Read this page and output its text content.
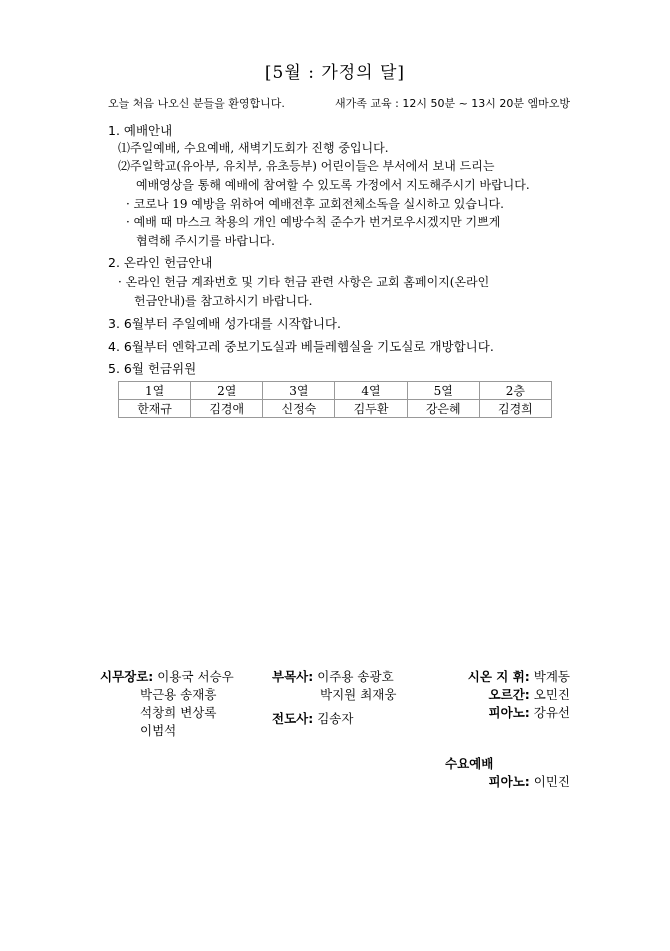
[5월 : 가정의 달]
오늘 처음 나오신 분들을 환영합니다.	새가족 교육 : 12시 50분 ~ 13시 20분 엠마오방
1. 예배안내
⑴주일예배, 수요예배, 새벽기도회가 진행 중입니다.
⑵주일학교(유아부, 유치부, 유초등부) 어린이들은 부서에서 보내 드리는
예배영상을 통해 예배에 참여할 수 있도록 가정에서 지도해주시기 바랍니다.
· 코로나 19 예방을 위하여 예배전후 교회전체소독을 실시하고 있습니다.
· 예배 때 마스크 착용의 개인 예방수칙 준수가 번거로우시겠지만 기쁘게
협력해 주시기를 바랍니다.
2. 온라인 헌금안내
· 온라인 헌금 계좌번호 및 기타 헌금 관련 사항은 교회 홈페이지(온라인
헌금안내)를 참고하시기 바랍니다.
3. 6월부터 주일예배 성가대를 시작합니다.
4. 6월부터 엔학고레 중보기도실과 베들레헴실을 기도실로 개방합니다.
5. 6월 헌금위원
1열	2열	3열	4열	5열	2층
한재규	김경애	신정숙	김두환	강은혜	김경희
시무장로: 이용국 서승우
박근용 송재흥
석창희 변상록
이범석
부목사: 이주용 송광호
박지원 최재웅
전도사: 김송자
시온 지 휘: 박계동
오르간: 오민진
피아노: 강유선
수요예배
피아노: 이민진
